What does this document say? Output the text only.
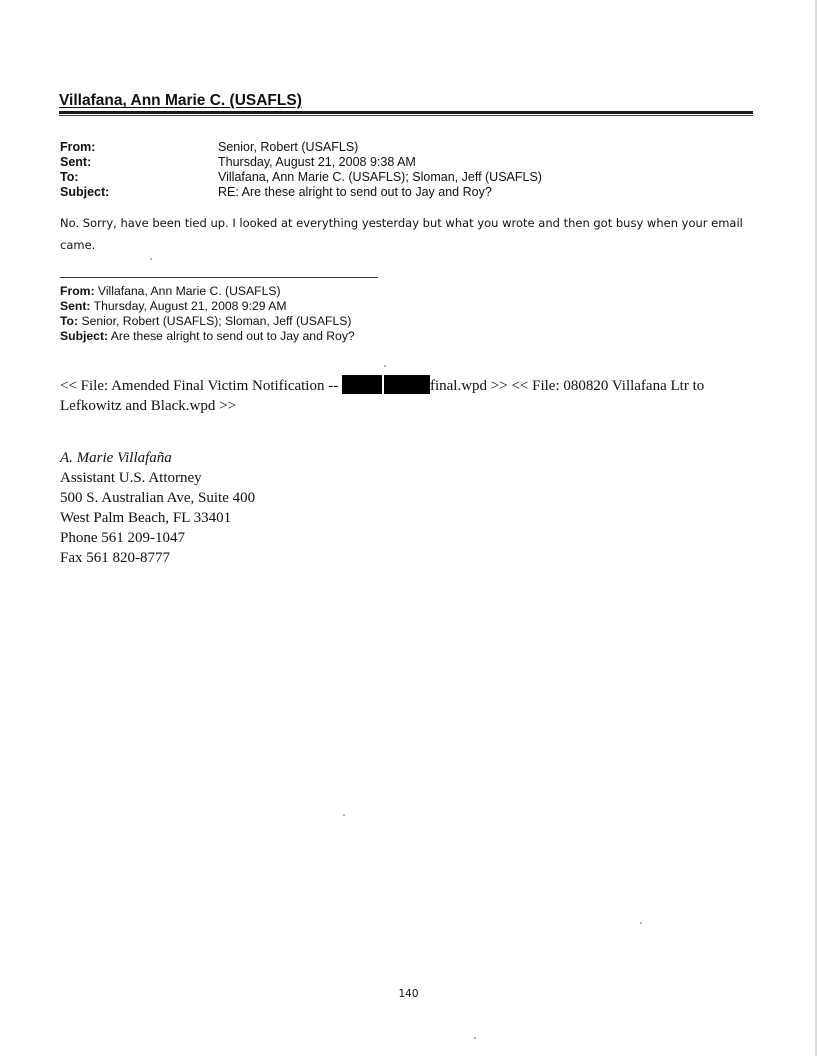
Villafana, Ann Marie C. (USAFLS)
From:	Senior, Robert (USAFLS)
Sent:	Thursday, August 21, 2008 9:38 AM
To:	Villafana, Ann Marie C. (USAFLS); Sloman, Jeff (USAFLS)
Subject:	RE: Are these alright to send out to Jay and Roy?
No. Sorry, have been tied up. I looked at everything yesterday but what you wrote and then got busy when your email came.
From: Villafana, Ann Marie C. (USAFLS)
Sent: Thursday, August 21, 2008 9:29 AM
To: Senior, Robert (USAFLS); Sloman, Jeff (USAFLS)
Subject: Are these alright to send out to Jay and Roy?
<< File: Amended Final Victim Notification --	final.wpd >> << File: 080820 Villafana Ltr to
Lefkowitz and Black.wpd >>
A. Marie Villafaña
Assistant U.S. Attorney
500 S. Australian Ave, Suite 400
West Palm Beach, FL 33401
Phone 561 209-1047
Fax 561 820-8777
140
